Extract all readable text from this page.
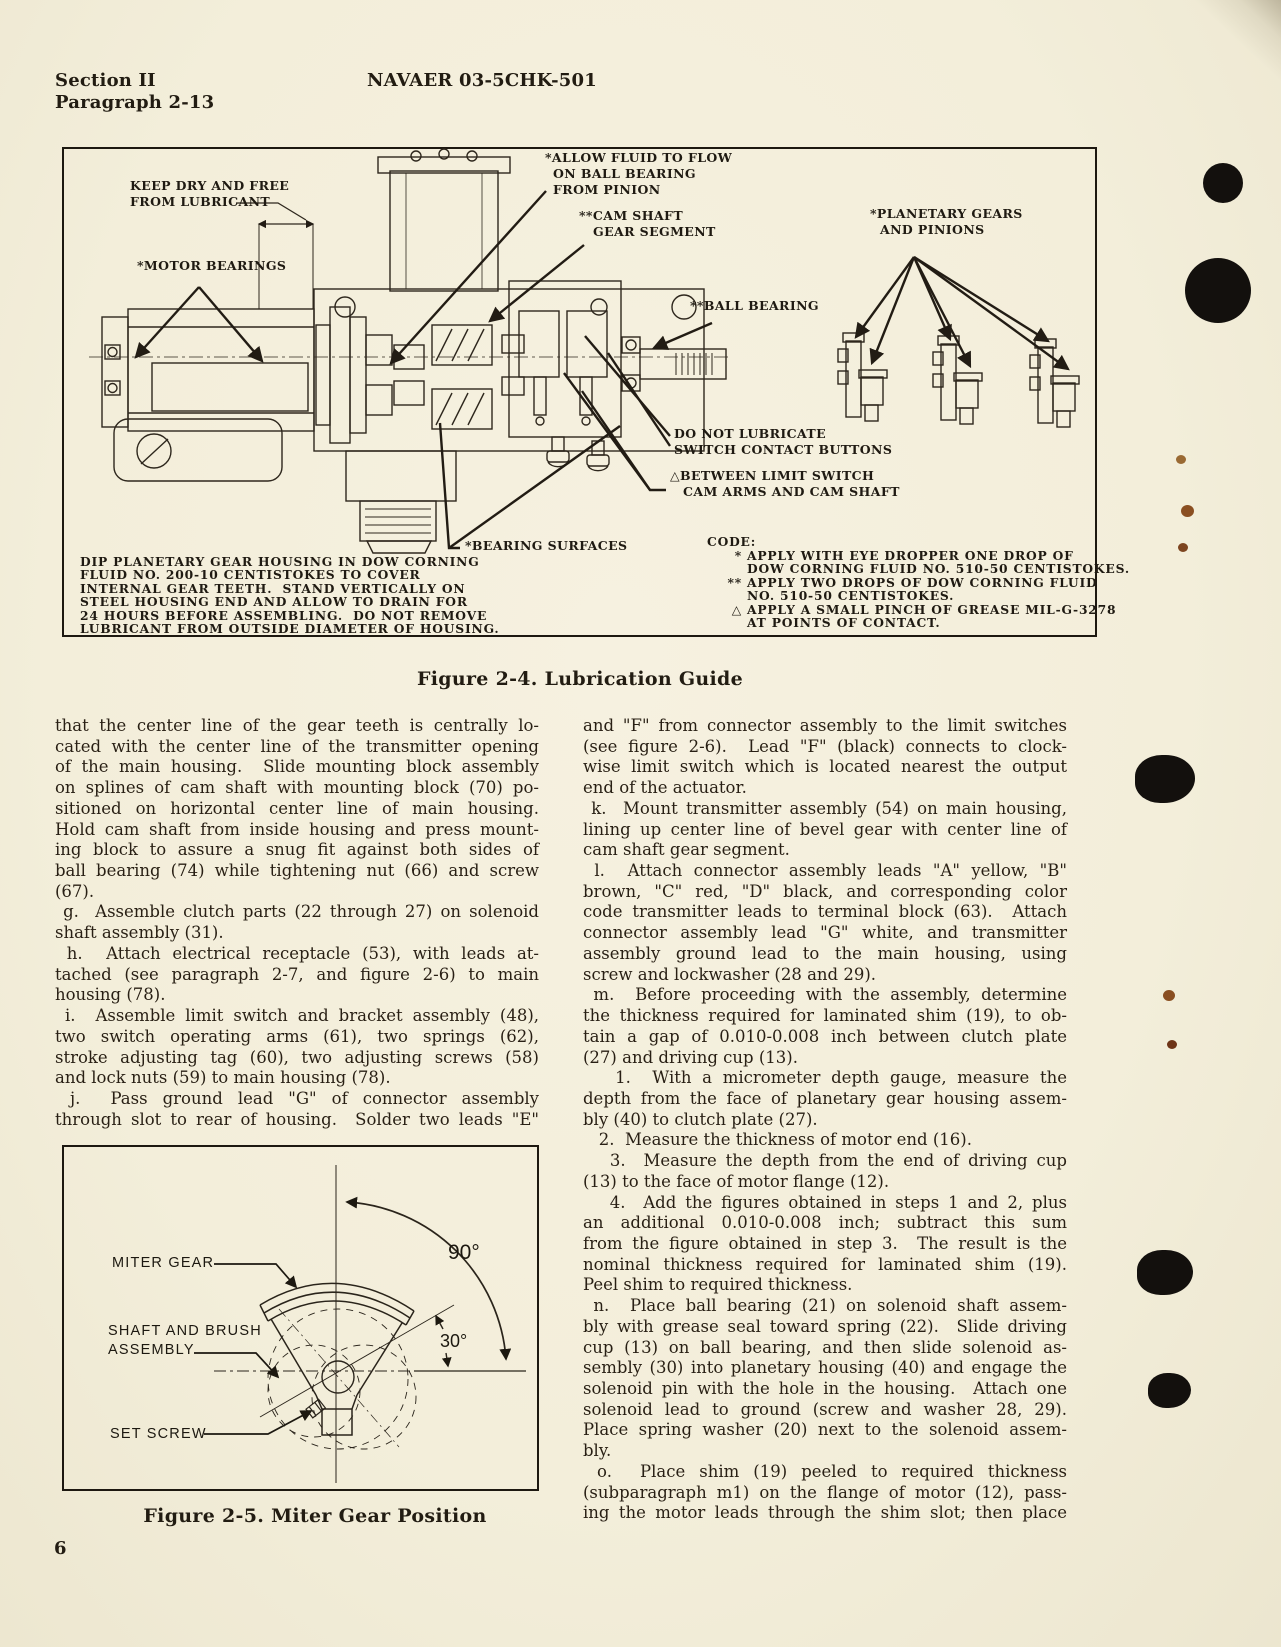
Section II
Paragraph 2-13
NAVAER 03-5CHK-501
KEEP DRY AND FREE
FROM LUBRICANT
*ALLOW FLUID TO FLOW
ON BALL BEARING
FROM PINION
**CAM SHAFT
GEAR SEGMENT
*PLANETARY GEARS
AND PINIONS
*MOTOR BEARINGS
**BALL BEARING
DO NOT LUBRICATE
SWITCH CONTACT BUTTONS
△BETWEEN LIMIT SWITCH
CAM ARMS AND CAM SHAFT
*BEARING SURFACES
DIP PLANETARY GEAR HOUSING IN DOW CORNING
FLUID NO. 200-10 CENTISTOKES TO COVER
INTERNAL GEAR TEETH.  STAND VERTICALLY ON
STEEL HOUSING END AND ALLOW TO DRAIN FOR
24 HOURS BEFORE ASSEMBLING.  DO NOT REMOVE
LUBRICANT FROM OUTSIDE DIAMETER OF HOUSING.
CODE:
* APPLY WITH EYE DROPPER ONE DROP OF
DOW CORNING FLUID NO. 510-50 CENTISTOKES.
** APPLY TWO DROPS OF DOW CORNING FLUID
NO. 510-50 CENTISTOKES.
△ APPLY A SMALL PINCH OF GREASE MIL-G-3278
AT POINTS OF CONTACT.
Figure 2-4. Lubrication Guide
that the center line of the gear teeth is centrally lo-
cated with the center line of the transmitter opening
of the main housing.  Slide mounting block assembly
on splines of cam shaft with mounting block (70) po-
sitioned on horizontal center line of main housing.
Hold cam shaft from inside housing and press mount-
ing block to assure a snug fit against both sides of
ball bearing (74) while tightening nut (66) and screw
(67).
g.  Assemble clutch parts (22 through 27) on solenoid
shaft assembly (31).
h.  Attach electrical receptacle (53), with leads at-
tached (see paragraph 2-7, and figure 2-6) to main
housing (78).
i.  Assemble limit switch and bracket assembly (48),
two switch operating arms (61), two springs (62),
stroke adjusting tag (60), two adjusting screws (58)
and lock nuts (59) to main housing (78).
j.  Pass ground lead "G" of connector assembly
through slot to rear of housing.  Solder two leads "E"
and "F" from connector assembly to the limit switches
(see figure 2-6).  Lead "F" (black) connects to clock-
wise limit switch which is located nearest the output
end of the actuator.
k.  Mount transmitter assembly (54) on main housing,
lining up center line of bevel gear with center line of
cam shaft gear segment.
l.  Attach connector assembly leads "A" yellow, "B"
brown, "C" red, "D" black, and corresponding color
code transmitter leads to terminal block (63).  Attach
connector assembly lead "G" white, and transmitter
assembly ground lead to the main housing, using
screw and lockwasher (28 and 29).
m.  Before proceeding with the assembly, determine
the thickness required for laminated shim (19), to ob-
tain a gap of 0.010-0.008 inch between clutch plate
(27) and driving cup (13).
1.  With a micrometer depth gauge, measure the
depth from the face of planetary gear housing assem-
bly (40) to clutch plate (27).
2.  Measure the thickness of motor end (16).
3.  Measure the depth from the end of driving cup
(13) to the face of motor flange (12).
4.  Add the figures obtained in steps 1 and 2, plus
an additional 0.010-0.008 inch; subtract this sum
from the figure obtained in step 3.  The result is the
nominal thickness required for laminated shim (19).
Peel shim to required thickness.
n.  Place ball bearing (21) on solenoid shaft assem-
bly with grease seal toward spring (22).  Slide driving
cup (13) on ball bearing, and then slide solenoid as-
sembly (30) into planetary housing (40) and engage the
solenoid pin with the hole in the housing.  Attach one
solenoid lead to ground (screw and washer 28, 29).
Place spring washer (20) next to the solenoid assem-
bly.
o.  Place shim (19) peeled to required thickness
(subparagraph m1) on the flange of motor (12), pass-
ing the motor leads through the shim slot; then place
MITER GEAR
SHAFT AND BRUSH
ASSEMBLY
SET SCREW
90°
30°
Figure 2-5. Miter Gear Position
6
